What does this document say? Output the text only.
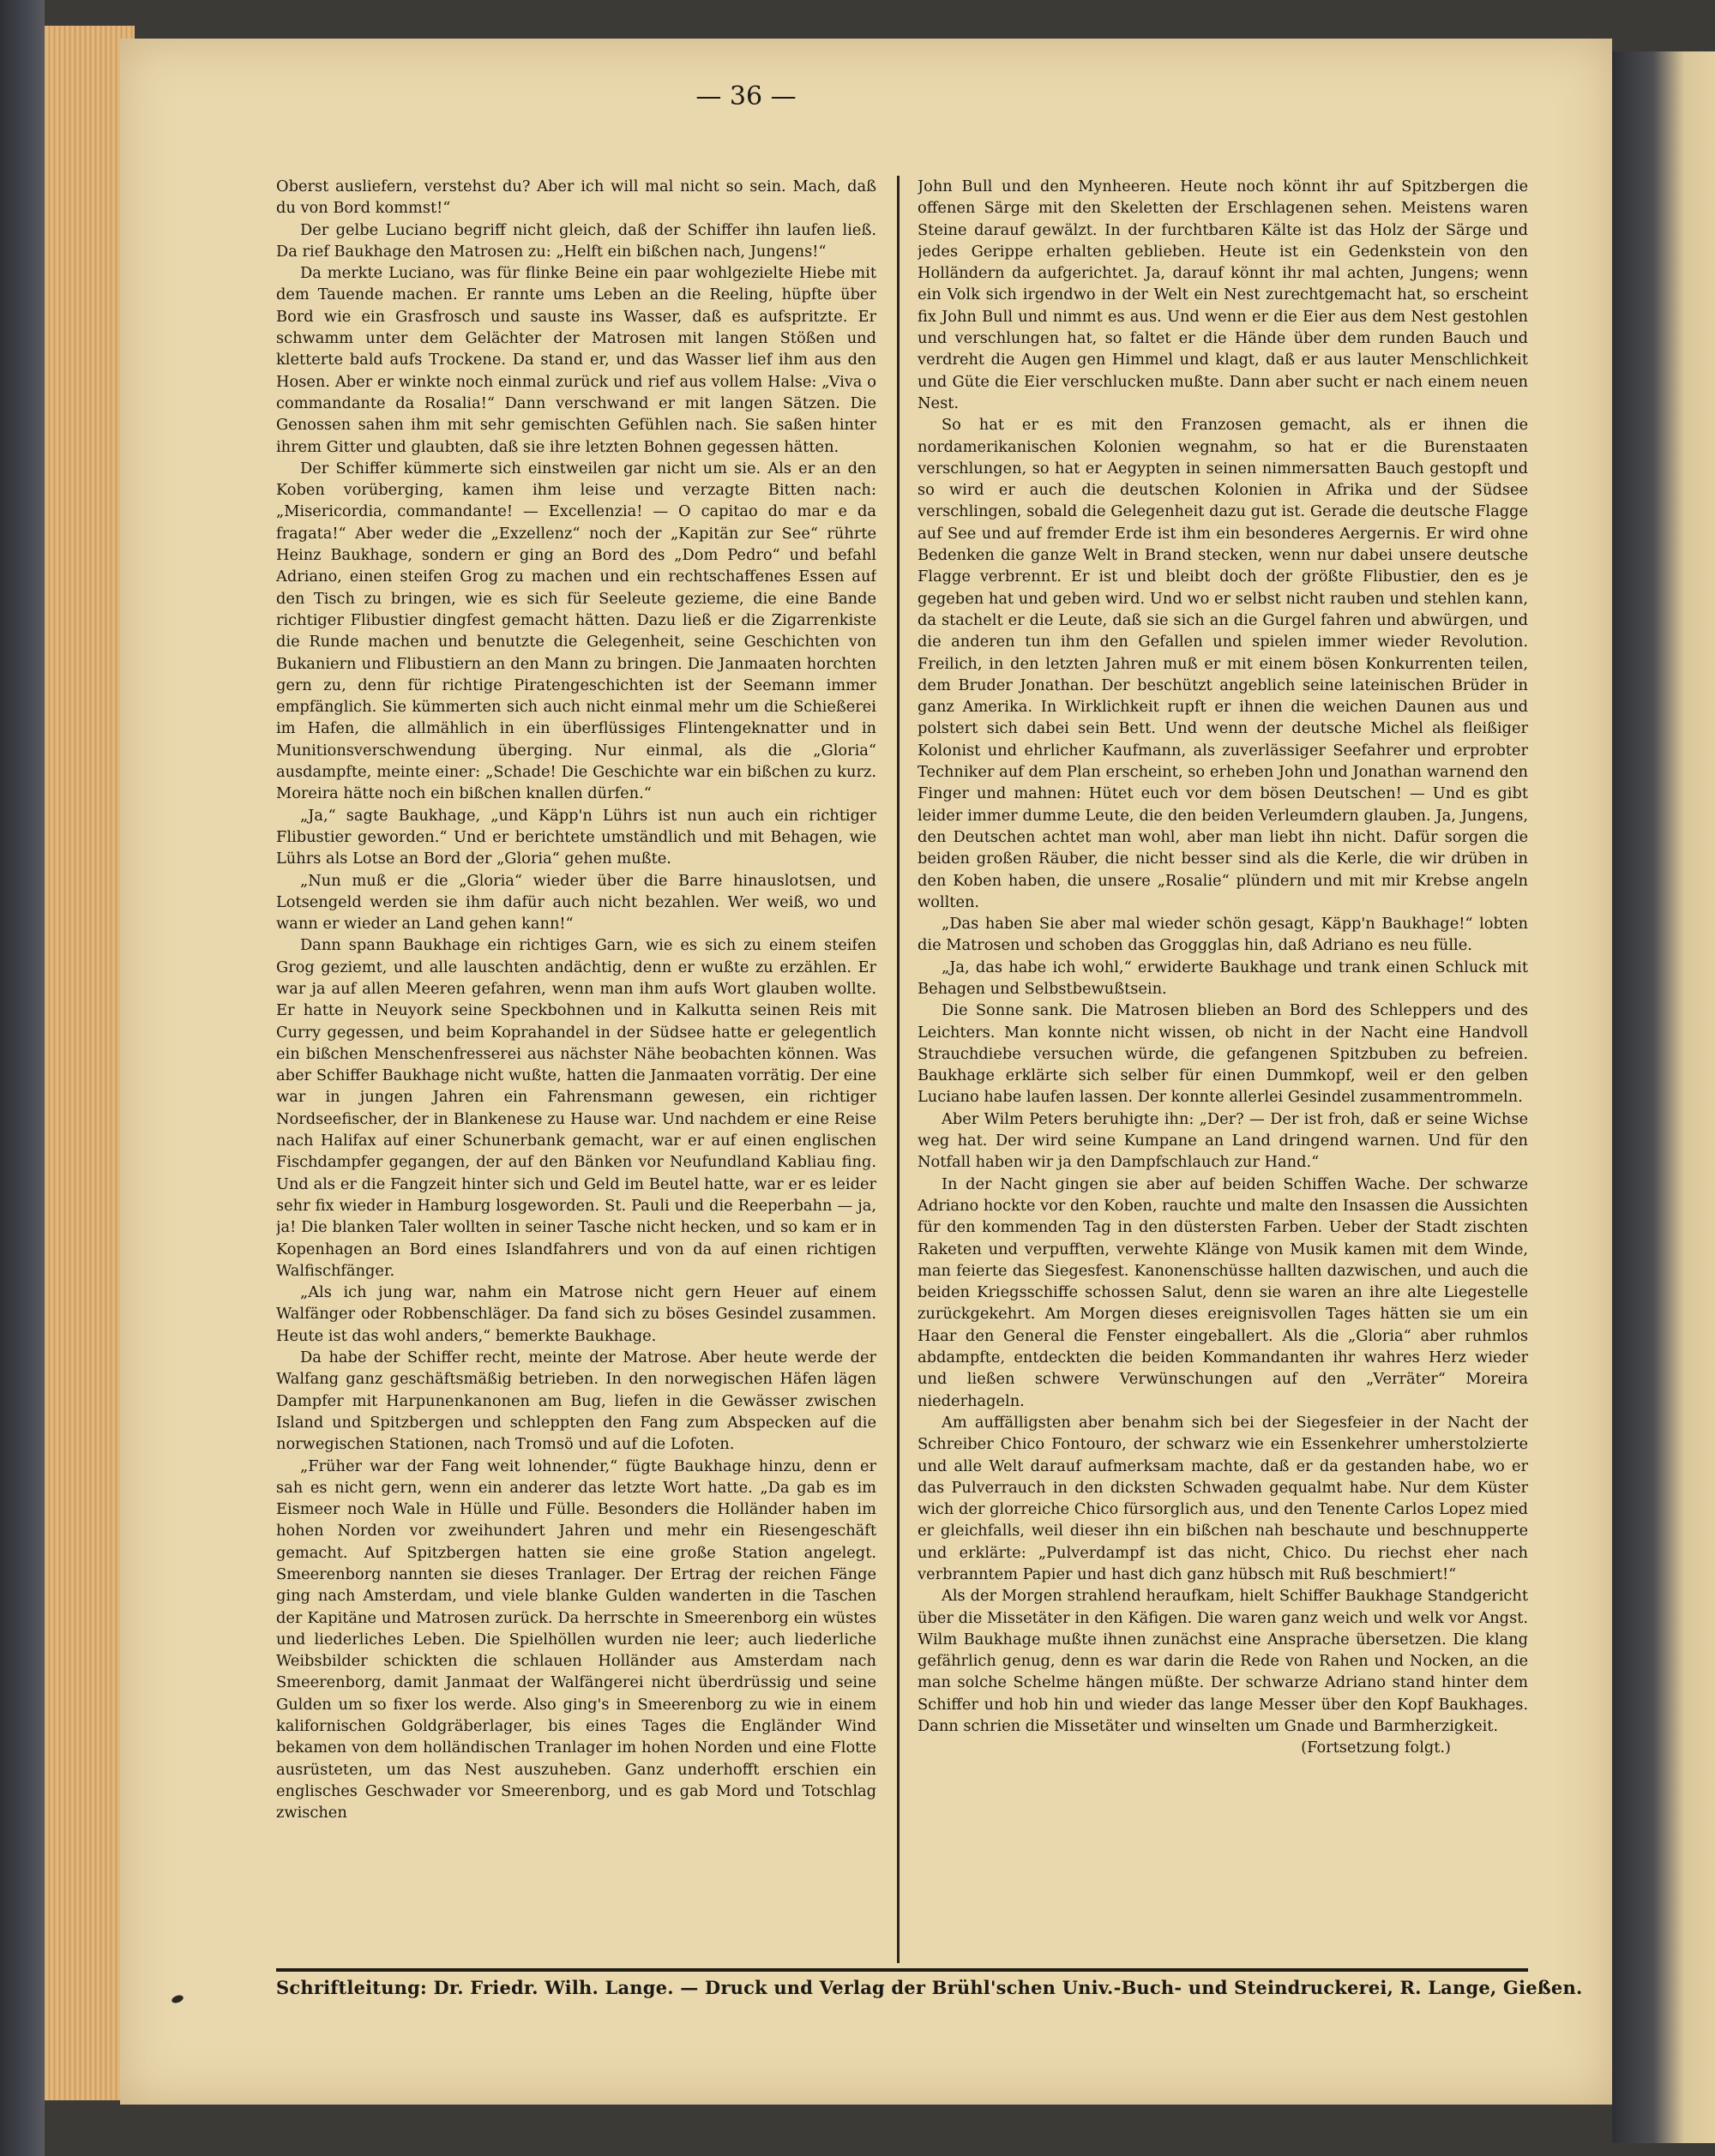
— 36 —

Oberst ausliefern, verstehst du? Aber ich will mal nicht so sein. Mach, daß du von Bord kommst!“

Der gelbe Luciano begriff nicht gleich, daß der Schiffer ihn laufen ließ. Da rief Baukhage den Matrosen zu: „Helft ein bißchen nach, Jungens!“

Da merkte Luciano, was für flinke Beine ein paar wohlgezielte Hiebe mit dem Tauende machen. Er rannte ums Leben an die Reeling, hüpfte über Bord wie ein Grasfrosch und sauste ins Wasser, daß es aufspritzte. Er schwamm unter dem Gelächter der Matrosen mit langen Stößen und kletterte bald aufs Trockene. Da stand er, und das Wasser lief ihm aus den Hosen. Aber er winkte noch einmal zurück und rief aus vollem Halse: „Viva o commandante da Rosalia!“ Dann verschwand er mit langen Sätzen. Die Genossen sahen ihm mit sehr gemischten Gefühlen nach. Sie saßen hinter ihrem Gitter und glaubten, daß sie ihre letzten Bohnen gegessen hätten.

Der Schiffer kümmerte sich einstweilen gar nicht um sie. Als er an den Koben vorüberging, kamen ihm leise und verzagte Bitten nach: „Misericordia, commandante! — Excellenzia! — O capitao do mar e da fragata!“ Aber weder die „Exzellenz“ noch der „Kapitän zur See“ rührte Heinz Baukhage, sondern er ging an Bord des „Dom Pedro“ und befahl Adriano, einen steifen Grog zu machen und ein rechtschaffenes Essen auf den Tisch zu bringen, wie es sich für Seeleute gezieme, die eine Bande richtiger Flibustier dingfest gemacht hätten. Dazu ließ er die Zigarrenkiste die Runde machen und benutzte die Gelegenheit, seine Geschichten von Bukaniern und Flibustiern an den Mann zu bringen. Die Janmaaten horchten gern zu, denn für richtige Piratengeschichten ist der Seemann immer empfänglich. Sie kümmerten sich auch nicht einmal mehr um die Schießerei im Hafen, die allmählich in ein überflüssiges Flintengeknatter und in Munitionsverschwendung überging. Nur einmal, als die „Gloria“ ausdampfte, meinte einer: „Schade! Die Geschichte war ein bißchen zu kurz. Moreira hätte noch ein bißchen knallen dürfen.“

„Ja,“ sagte Baukhage, „und Käpp'n Lührs ist nun auch ein richtiger Flibustier geworden.“ Und er berichtete umständlich und mit Behagen, wie Lührs als Lotse an Bord der „Gloria“ gehen mußte.

„Nun muß er die „Gloria“ wieder über die Barre hinauslotsen, und Lotsengeld werden sie ihm dafür auch nicht bezahlen. Wer weiß, wo und wann er wieder an Land gehen kann!“

Dann spann Baukhage ein richtiges Garn, wie es sich zu einem steifen Grog geziemt, und alle lauschten andächtig, denn er wußte zu erzählen. Er war ja auf allen Meeren gefahren, wenn man ihm aufs Wort glauben wollte. Er hatte in Neuyork seine Speckbohnen und in Kalkutta seinen Reis mit Curry gegessen, und beim Koprahandel in der Südsee hatte er gelegentlich ein bißchen Menschenfresserei aus nächster Nähe beobachten können. Was aber Schiffer Baukhage nicht wußte, hatten die Janmaaten vorrätig. Der eine war in jungen Jahren ein Fahrensmann gewesen, ein richtiger Nordseefischer, der in Blankenese zu Hause war. Und nachdem er eine Reise nach Halifax auf einer Schunerbank gemacht, war er auf einen englischen Fischdampfer gegangen, der auf den Bänken vor Neufundland Kabliau fing. Und als er die Fangzeit hinter sich und Geld im Beutel hatte, war er es leider sehr fix wieder in Hamburg losgeworden. St. Pauli und die Reeperbahn — ja, ja! Die blanken Taler wollten in seiner Tasche nicht hecken, und so kam er in Kopenhagen an Bord eines Islandfahrers und von da auf einen richtigen Walfischfänger.

„Als ich jung war, nahm ein Matrose nicht gern Heuer auf einem Walfänger oder Robbenschläger. Da fand sich zu böses Gesindel zusammen. Heute ist das wohl anders,“ bemerkte Baukhage.

Da habe der Schiffer recht, meinte der Matrose. Aber heute werde der Walfang ganz geschäftsmäßig betrieben. In den norwegischen Häfen lägen Dampfer mit Harpunenkanonen am Bug, liefen in die Gewässer zwischen Island und Spitzbergen und schleppten den Fang zum Abspecken auf die norwegischen Stationen, nach Tromsö und auf die Lofoten.

„Früher war der Fang weit lohnender,“ fügte Baukhage hinzu, denn er sah es nicht gern, wenn ein anderer das letzte Wort hatte. „Da gab es im Eismeer noch Wale in Hülle und Fülle. Besonders die Holländer haben im hohen Norden vor zweihundert Jahren und mehr ein Riesengeschäft gemacht. Auf Spitzbergen hatten sie eine große Station angelegt. Smeerenborg nannten sie dieses Tranlager. Der Ertrag der reichen Fänge ging nach Amsterdam, und viele blanke Gulden wanderten in die Taschen der Kapitäne und Matrosen zurück. Da herrschte in Smeerenborg ein wüstes und liederliches Leben. Die Spielhöllen wurden nie leer; auch liederliche Weibsbilder schickten die schlauen Holländer aus Amsterdam nach Smeerenborg, damit Janmaat der Walfängerei nicht überdrüssig und seine Gulden um so fixer los werde. Also ging's in Smeerenborg zu wie in einem kalifornischen Goldgräberlager, bis eines Tages die Engländer Wind bekamen von dem holländischen Tranlager im hohen Norden und eine Flotte ausrüsteten, um das Nest auszuheben. Ganz underhofft erschien ein englisches Geschwader vor Smeerenborg, und es gab Mord und Totschlag zwischen

John Bull und den Mynheeren. Heute noch könnt ihr auf Spitzbergen die offenen Särge mit den Skeletten der Erschlagenen sehen. Meistens waren Steine darauf gewälzt. In der furchtbaren Kälte ist das Holz der Särge und jedes Gerippe erhalten geblieben. Heute ist ein Gedenkstein von den Holländern da aufgerichtet. Ja, darauf könnt ihr mal achten, Jungens; wenn ein Volk sich irgendwo in der Welt ein Nest zurechtgemacht hat, so erscheint fix John Bull und nimmt es aus. Und wenn er die Eier aus dem Nest gestohlen und verschlungen hat, so faltet er die Hände über dem runden Bauch und verdreht die Augen gen Himmel und klagt, daß er aus lauter Menschlichkeit und Güte die Eier verschlucken mußte. Dann aber sucht er nach einem neuen Nest.

So hat er es mit den Franzosen gemacht, als er ihnen die nordamerikanischen Kolonien wegnahm, so hat er die Burenstaaten verschlungen, so hat er Aegypten in seinen nimmersatten Bauch gestopft und so wird er auch die deutschen Kolonien in Afrika und der Südsee verschlingen, sobald die Gelegenheit dazu gut ist. Gerade die deutsche Flagge auf See und auf fremder Erde ist ihm ein besonderes Aergernis. Er wird ohne Bedenken die ganze Welt in Brand stecken, wenn nur dabei unsere deutsche Flagge verbrennt. Er ist und bleibt doch der größte Flibustier, den es je gegeben hat und geben wird. Und wo er selbst nicht rauben und stehlen kann, da stachelt er die Leute, daß sie sich an die Gurgel fahren und abwürgen, und die anderen tun ihm den Gefallen und spielen immer wieder Revolution. Freilich, in den letzten Jahren muß er mit einem bösen Konkurrenten teilen, dem Bruder Jonathan. Der beschützt angeblich seine lateinischen Brüder in ganz Amerika. In Wirklichkeit rupft er ihnen die weichen Daunen aus und polstert sich dabei sein Bett. Und wenn der deutsche Michel als fleißiger Kolonist und ehrlicher Kaufmann, als zuverlässiger Seefahrer und erprobter Techniker auf dem Plan erscheint, so erheben John und Jonathan warnend den Finger und mahnen: Hütet euch vor dem bösen Deutschen! — Und es gibt leider immer dumme Leute, die den beiden Verleumdern glauben. Ja, Jungens, den Deutschen achtet man wohl, aber man liebt ihn nicht. Dafür sorgen die beiden großen Räuber, die nicht besser sind als die Kerle, die wir drüben in den Koben haben, die unsere „Rosalie“ plündern und mit mir Krebse angeln wollten.

„Das haben Sie aber mal wieder schön gesagt, Käpp'n Baukhage!“ lobten die Matrosen und schoben das Groggglas hin, daß Adriano es neu fülle.

„Ja, das habe ich wohl,“ erwiderte Baukhage und trank einen Schluck mit Behagen und Selbstbewußtsein.

Die Sonne sank. Die Matrosen blieben an Bord des Schleppers und des Leichters. Man konnte nicht wissen, ob nicht in der Nacht eine Handvoll Strauchdiebe versuchen würde, die gefangenen Spitzbuben zu befreien. Baukhage erklärte sich selber für einen Dummkopf, weil er den gelben Luciano habe laufen lassen. Der konnte allerlei Gesindel zusammentrommeln.

Aber Wilm Peters beruhigte ihn: „Der? — Der ist froh, daß er seine Wichse weg hat. Der wird seine Kumpane an Land dringend warnen. Und für den Notfall haben wir ja den Dampfschlauch zur Hand.“

In der Nacht gingen sie aber auf beiden Schiffen Wache. Der schwarze Adriano hockte vor den Koben, rauchte und malte den Insassen die Aussichten für den kommenden Tag in den düstersten Farben. Ueber der Stadt zischten Raketen und verpufften, verwehte Klänge von Musik kamen mit dem Winde, man feierte das Siegesfest. Kanonenschüsse hallten dazwischen, und auch die beiden Kriegsschiffe schossen Salut, denn sie waren an ihre alte Liegestelle zurückgekehrt. Am Morgen dieses ereignisvollen Tages hätten sie um ein Haar den General die Fenster eingeballert. Als die „Gloria“ aber ruhmlos abdampfte, entdeckten die beiden Kommandanten ihr wahres Herz wieder und ließen schwere Verwünschungen auf den „Verräter“ Moreira niederhageln.

Am auffälligsten aber benahm sich bei der Siegesfeier in der Nacht der Schreiber Chico Fontouro, der schwarz wie ein Essenkehrer umherstolzierte und alle Welt darauf aufmerksam machte, daß er da gestanden habe, wo er das Pulverrauch in den dicksten Schwaden gequalmt habe. Nur dem Küster wich der glorreiche Chico fürsorglich aus, und den Tenente Carlos Lopez mied er gleichfalls, weil dieser ihn ein bißchen nah beschaute und beschnupperte und erklärte: „Pulverdampf ist das nicht, Chico. Du riechst eher nach verbranntem Papier und hast dich ganz hübsch mit Ruß beschmiert!“

Als der Morgen strahlend heraufkam, hielt Schiffer Baukhage Standgericht über die Missetäter in den Käfigen. Die waren ganz weich und welk vor Angst. Wilm Baukhage mußte ihnen zunächst eine Ansprache übersetzen. Die klang gefährlich genug, denn es war darin die Rede von Rahen und Nocken, an die man solche Schelme hängen müßte. Der schwarze Adriano stand hinter dem Schiffer und hob hin und wieder das lange Messer über den Kopf Baukhages. Dann schrien die Missetäter und winselten um Gnade und Barmherzigkeit.

(Fortsetzung folgt.)

Schriftleitung: Dr. Friedr. Wilh. Lange. — Druck und Verlag der Brühl'schen Univ.-Buch- und Steindruckerei, R. Lange, Gießen.
